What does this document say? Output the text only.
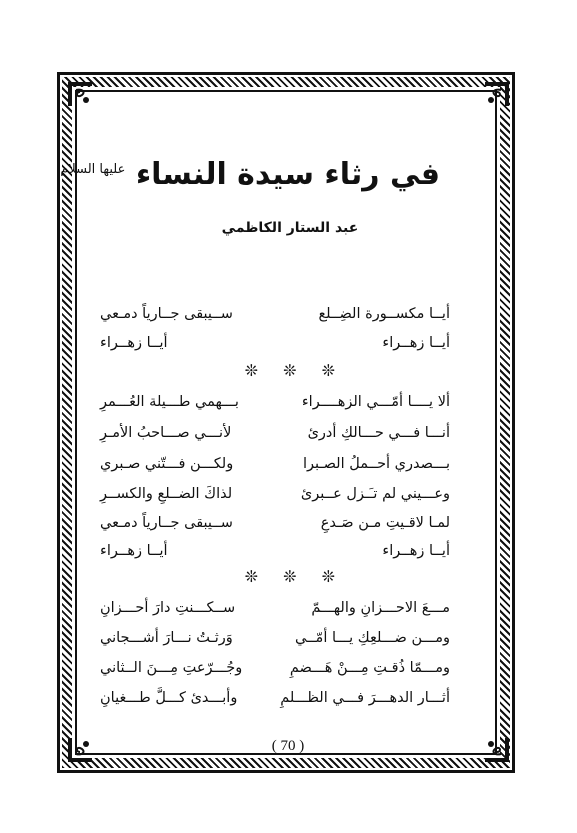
في رثاء سيدة النساء $^{عليها السلام}$
عبد الستار الكاظمي
أيــا مكســورة الضِــلع
ســيبقى جــارياً دمـعي
أيــا زهــراء
أيــا زهــراء
❊ ❊ ❊
ألا يــــا أمّـــي الزهــــراء
بـــهمي طـــيلة العُـــمرِ
أنـــا فـــي حـــالكِ أدرئ
لأنـــي صـــاحبُ الأمـرِ
بـــصدري أحــملُ الصـبرا
ولكـــن فـــتّني صـبري
وعـــيني لم تـَـزل عــبرئ
لذاكَ الضــلعِ والكســرِ
لمـا لاقـيتِ مـن صَـدعِ
ســيبقى جــارياً دمـعي
أيــا زهــراء
أيــا زهــراء
❊ ❊ ❊
مـــعَ الاحـــزانِ والهـــمّ
ســكـــنتِ دارَ أحـــزانِ
ومـــن ضـــلعِكِ يـــا أمّــي
وَرثـتُ نـــارَ أشـــجاني
ومـــمّا ذُقـتِ مِـــنْ هَـــضمِ
وجُـــرّعتِ مِـــنَ الــثاني
أثـــار الدهـــرَ فـــي الظـــلمِ
وأبـــدئ كـــلَّ طـــغيانِ
( 70 )
